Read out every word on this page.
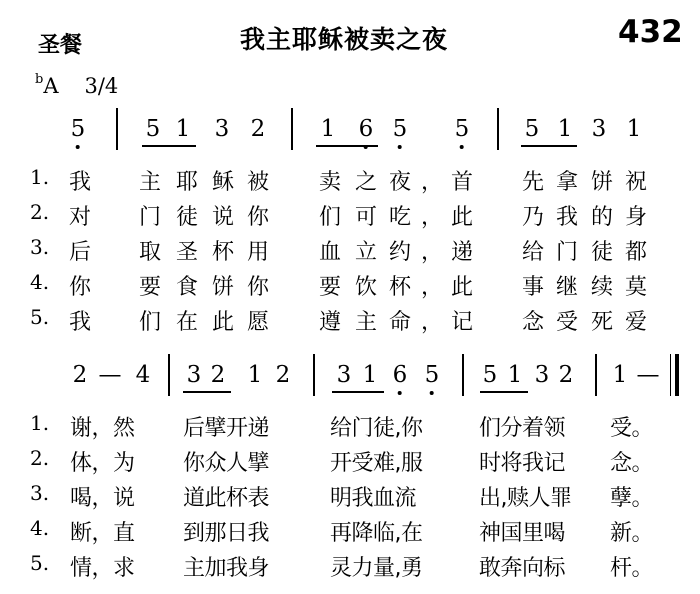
圣餐	我主耶稣被卖之夜	432
$^b$A 3/4
5	5 1 3 2 1 6 5 5 5 1 3 1
1. 我 主 耶 稣 被 卖 之 夜 ， 首 先 拿 饼 祝
2. 对 门 徒 说 你 们 可 吃 ， 此 乃 我 的 身
3. 后 取 圣 杯 用 血 立 约 ， 递 给 门 徒 都
4. 你 要 食 饼 你 要 饮 杯 ， 此 事 继 续 莫
5. 我 们 在 此 愿 遵 主 命 ， 记 念 受 死 爱
2 — 4 3 2 1 2 3 1 6 5 5 1 3 2 1 —
1. 谢，然 后擘开递	给门徒,你	们分着领 受。
2. 体，为 你众人擘	开受难,服	时将我记 念。
3. 喝，说 道此杯表	明我血流	出,赎人罪 孽。
4. 断，直 到那日我	再降临,在	神国里喝 新。
5. 情，求 主加我身	灵力量,勇	敢奔向标 杆。
